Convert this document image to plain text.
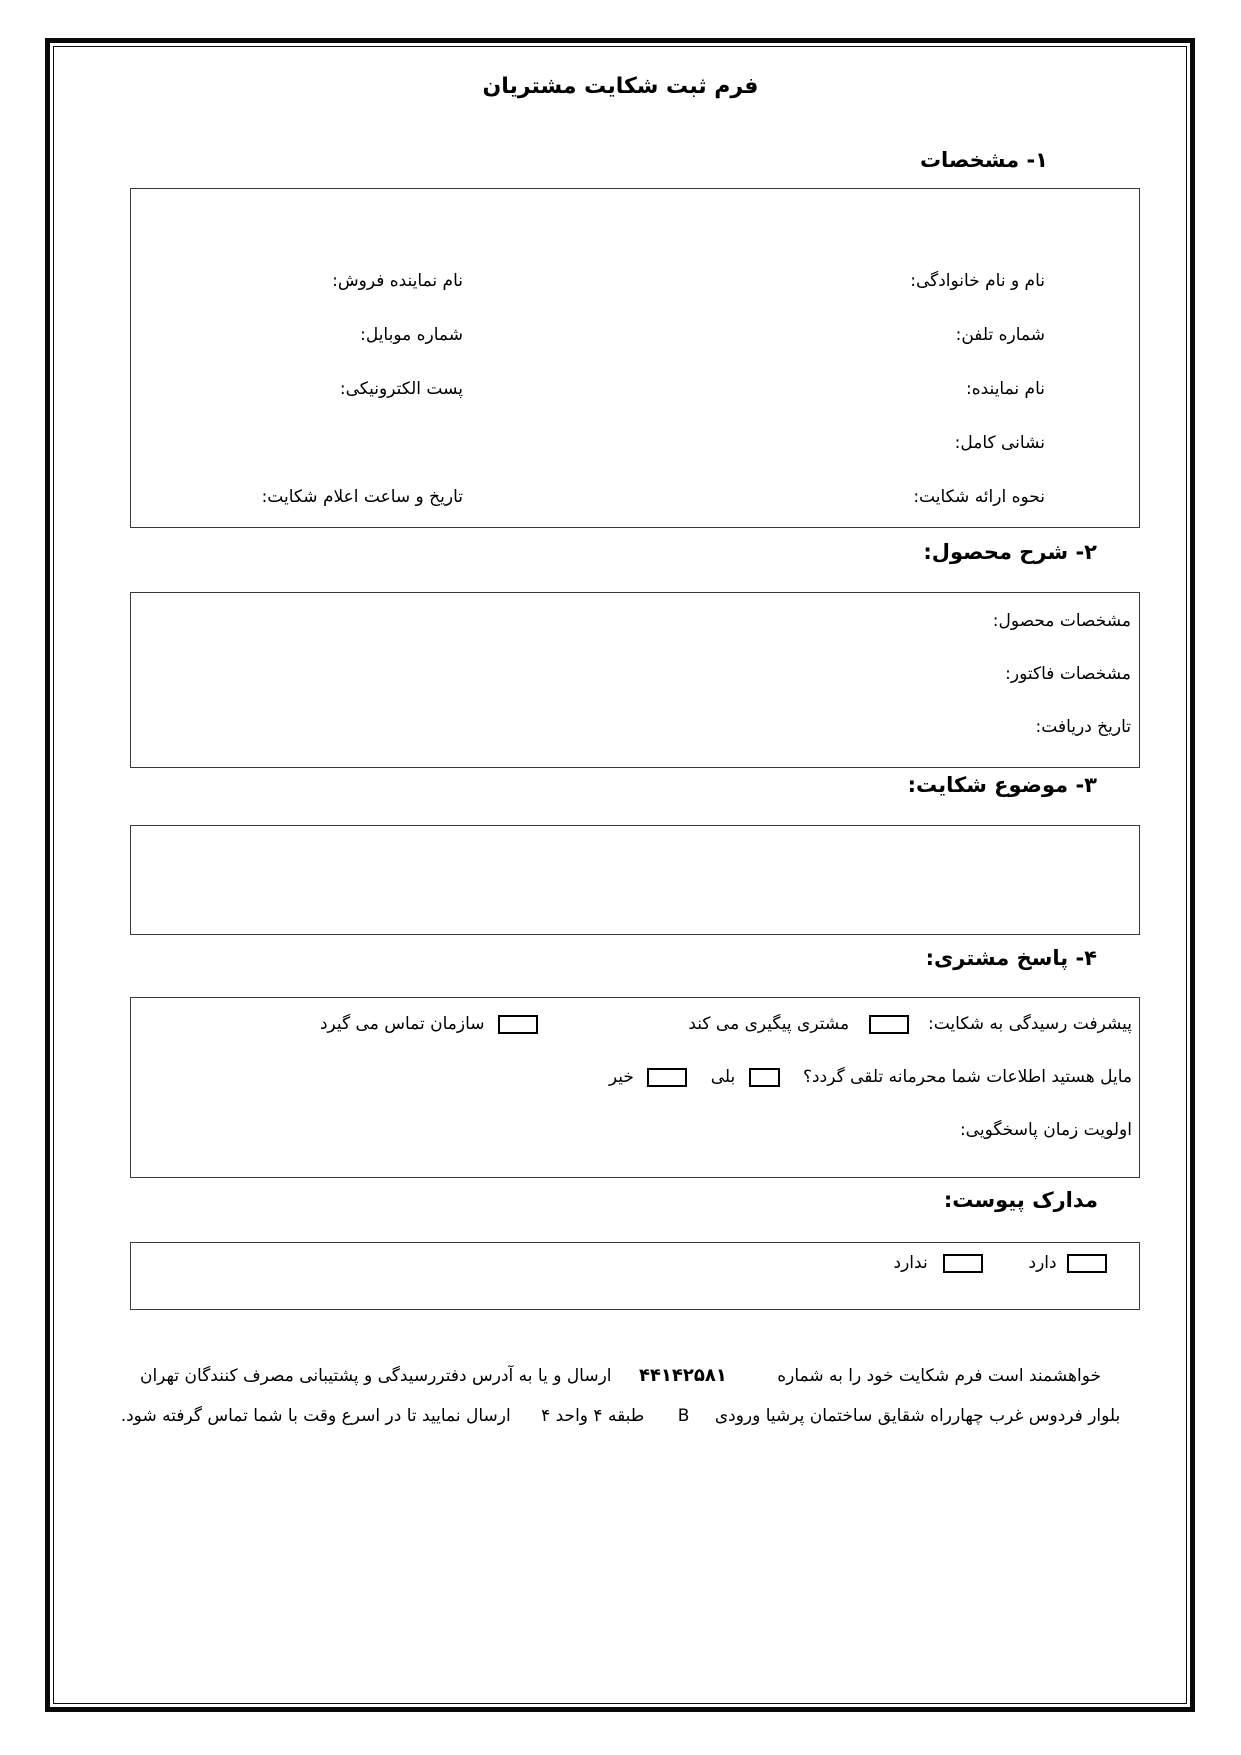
فرم ثبت شکایت مشتریان
۱- مشخصات
نام و نام خانوادگی:
شماره تلفن:
نام نماینده:
نشانی کامل:
نحوه ارائه شکایت:
نام نماینده فروش:
شماره موبایل:
پست الکترونیکی:
تاریخ و ساعت اعلام شکایت:
۲- شرح محصول:
مشخصات محصول:
مشخصات فاکتور:
تاریخ دریافت:
۳- موضوع شکایت:
۴- پاسخ مشتری:
پیشرفت رسیدگی به شکایت:  مشتری پیگیری می کند  سازمان تماس می گیرد
مایل هستید اطلاعات شما محرمانه تلقی گردد؟  بلی  خیر
اولویت زمان پاسخگویی:
مدارک پیوست:
دارد  ندارد
خواهشمند است فرم شکایت خود را به شماره ۴۴۱۴۲۵۸۱ ارسال و یا به آدرس دفتررسیدگی و پشتیبانی مصرف کنندگان تهران
بلوار فردوس غرب چهارراه شقایق ساختمان پرشیا ورودی B طبقه ۴ واحد ۴ ارسال نمایید تا در اسرع وقت با شما تماس گرفته شود.
